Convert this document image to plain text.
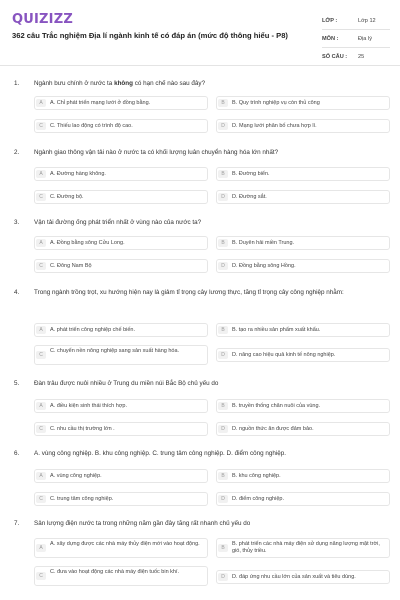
QUIZIZZ
362 câu Trắc nghiệm Địa lí ngành kinh tế có đáp án (mức độ thông hiểu - P8)
LỚP :	Lớp 12
MÔN :	Địa lý
SỐ CÂU :	25
1. Ngành bưu chính ở nước ta không có hạn chế nào sau đây?
A	A. Chỉ phát triển mạng lưới ở đồng bằng.	B	B. Quy trình nghiệp vụ còn thủ công
C	C. Thiếu lao động có trình độ cao.	D	D. Mạng lưới phân bố chưa hợp lí.
2. Ngành giao thông vận tải nào ở nước ta có khối lượng luân chuyển hàng hóa lớn nhất?
A	A. Đường hàng không.	B	B. Đường biển.
C	C. Đường bộ.	D	D. Đường sắt.
3. Vận tải đường ống phát triển nhất ở vùng nào của nước ta?
A	A. Đồng bằng sông Cửu Long.	B	B. Duyên hải miền Trung.
C	C. Đông Nam Bộ	D	D. Đồng bằng sông Hồng.
4. Trong ngành trồng trọt, xu hướng hiện nay là giảm tỉ trọng cây lương thực, tăng tỉ trọng cây công nghiệp nhằm:
A	A. phát triển công nghiệp chế biến.	B	B. tạo ra nhiều sản phẩm xuất khẩu.
C
C. chuyển nền nông nghiệp sang sản xuất hàng hóa.
D	D. nâng cao hiệu quả kinh tế nông nghiệp.
5. Đàn trâu được nuôi nhiều ở Trung du miền núi Bắc Bộ chủ yếu do
A	A. điều kiện sinh thái thích hợp.	B	B. truyền thống chăn nuôi của vùng.
C	C. nhu cầu thị trường lớn .	D	D. nguồn thức ăn được đảm bảo.
6. A. vùng công nghiệp. B. khu công nghiệp. C. trung tâm công nghiệp. D. điểm công nghiệp.
A	A. vùng công nghiệp.	B	B. khu công nghiệp.
C	C. trung tâm công nghiệp.	D	D. điểm công nghiệp.
7. Sản lượng điện nước ta trong những năm gần đây tăng rất nhanh chủ yếu do
A
A. xây dựng được các nhà máy thủy điện mới vào hoạt động.
B
B. phát triển các nhà máy điện sử dụng năng lượng mặt trời, gió, thủy triều.
C
C. đưa vào hoạt động các nhà máy điện tuốc bin khí.
D	D. đáp ứng nhu cầu lớn của sản xuất và tiêu dùng.
